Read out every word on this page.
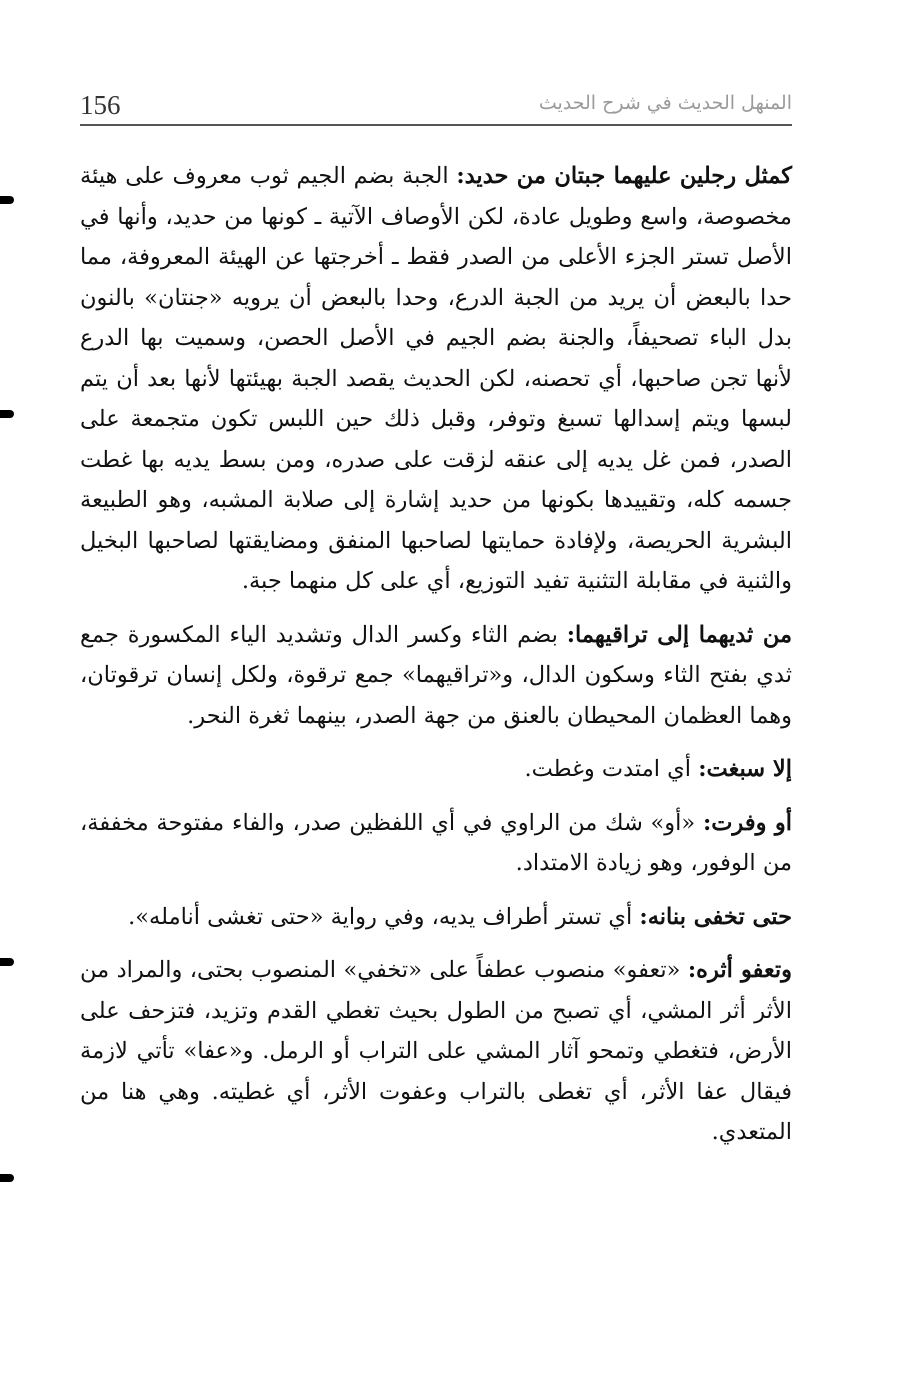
156	المنهل الحديث في شرح الحديث

كمثل رجلين عليهما جبتان من حديد: الجبة بضم الجيم ثوب معروف على هيئة مخصوصة، واسع وطويل عادة، لكن الأوصاف الآتية ـ كونها من حديد، وأنها في الأصل تستر الجزء الأعلى من الصدر فقط ـ أخرجتها عن الهيئة المعروفة، مما حدا بالبعض أن يريد من الجبة الدرع، وحدا بالبعض أن يرويه «جنتان» بالنون بدل الباء تصحيفاً، والجنة بضم الجيم في الأصل الحصن، وسميت بها الدرع لأنها تجن صاحبها، أي تحصنه، لكن الحديث يقصد الجبة بهيئتها لأنها بعد أن يتم لبسها ويتم إسدالها تسبغ وتوفر، وقبل ذلك حين اللبس تكون متجمعة على الصدر، فمن غل يديه إلى عنقه لزقت على صدره، ومن بسط يديه بها غطت جسمه كله، وتقييدها بكونها من حديد إشارة إلى صلابة المشبه، وهو الطبيعة البشرية الحريصة، ولإفادة حمايتها لصاحبها المنفق ومضايقتها لصاحبها البخيل والثنية في مقابلة التثنية تفيد التوزيع، أي على كل منهما جبة.

من ثديهما إلى تراقيهما: بضم الثاء وكسر الدال وتشديد الياء المكسورة جمع ثدي بفتح الثاء وسكون الدال، و«تراقيهما» جمع ترقوة، ولكل إنسان ترقوتان، وهما العظمان المحيطان بالعنق من جهة الصدر، بينهما ثغرة النحر.

إلا سبغت: أي امتدت وغطت.

أو وفرت: «أو» شك من الراوي في أي اللفظين صدر، والفاء مفتوحة مخففة، من الوفور، وهو زيادة الامتداد.

حتى تخفى بنانه: أي تستر أطراف يديه، وفي رواية «حتى تغشى أنامله».

وتعفو أثره: «تعفو» منصوب عطفاً على «تخفي» المنصوب بحتى، والمراد من الأثر أثر المشي، أي تصبح من الطول بحيث تغطي القدم وتزيد، فتزحف على الأرض، فتغطي وتمحو آثار المشي على التراب أو الرمل. و«عفا» تأتي لازمة فيقال عفا الأثر، أي تغطى بالتراب وعفوت الأثر، أي غطيته. وهي هنا من المتعدي.
